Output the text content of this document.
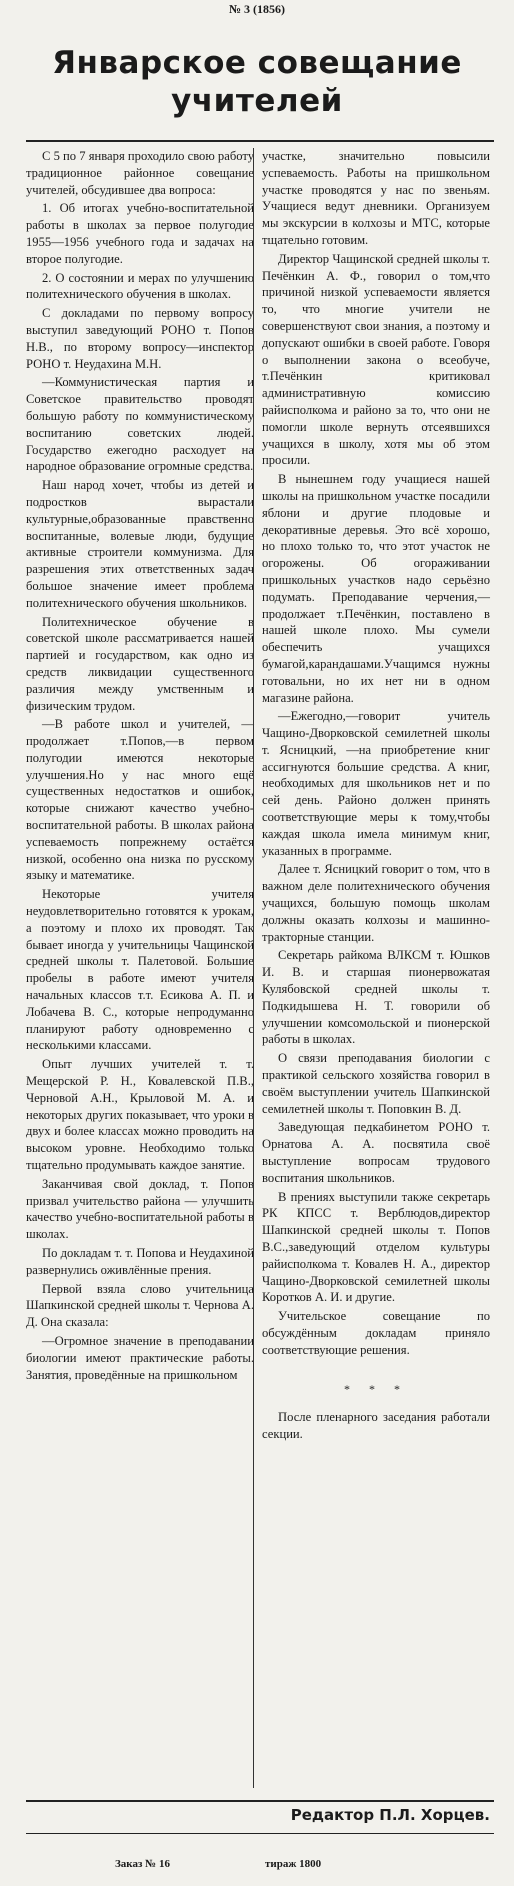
№ 3 (1856)
Январское совещание
учителей

С 5 по 7 января проходило свою работу традиционное районное совещание учителей, обсудившее два вопроса:

1. Об итогах учебно-воспитательной работы в школах за первое полугодие 1955—1956 учебного года и задачах на второе полугодие.

2. О состоянии и мерах по улучшению политехнического обучения в школах.

С докладами по первому вопросу выступил заведующий РОНО т. Попов Н.В., по второму вопросу—инспектор РОНО т. Неудахина М.Н.

—Коммунистическая партия и Советское правительство проводят большую работу по коммунистическому воспитанию советских людей. Государство ежегодно расходует на народное образование огромные средства.

Наш народ хочет, чтобы из детей и подростков вырастали культурные,образованные правственно воспитанные, волевые люди, будущие активные строители коммунизма. Для разрешения этих ответственных задач большое значение имеет проблема политехнического обучения школьников.

Политехническое обучение в советской школе рассматривается нашей партией и государством, как одно из средств ликвидации существенного различия между умственным и физическим трудом.

—В работе школ и учителей, —продолжает т.Попов,—в первом полугодии имеются некоторые улучшения.Но у нас много ещё существенных недостатков и ошибок, которые снижают качество учебно-воспитательной работы. В школах района успеваемость попрежнему остаётся низкой, особенно она низка по русскому языку и математике.

Некоторые учителя неудовлетворительно готовятся к урокам, а поэтому и плохо их проводят. Так бывает иногда у учительницы Чащинской средней школы т. Палетовой. Большие пробелы в работе имеют учителя начальных классов т.т. Есикова А. П. и Лобачева В. С., которые непродуманно планируют работу одновременно с несколькими классами.

Опыт лучших учителей т. т. Мещерской Р. Н., Ковалевской П.В., Черновой А.Н., Крыловой М. А. и некоторых других показывает, что уроки в двух и более классах можно проводить на высоком уровне. Необходимо только тщательно продумывать каждое занятие.

Заканчивая свой доклад, т. Попов призвал учительство района — улучшить качество учебно-воспитательной работы в школах.

По докладам т. т. Попова и Неудахиной развернулись оживлённые прения.

Первой взяла слово учительница Шапкинской средней школы т. Чернова А. Д. Она сказала:

—Огромное значение в преподавании биологии имеют практические работы. Занятия, проведённые на пришкольном

участке, значительно повысили успеваемость. Работы на пришкольном участке проводятся у нас по звеньям. Учащиеся ведут дневники. Организуем мы экскурсии в колхозы и МТС, которые тщательно готовим.

Директор Чащинской средней школы т. Печёнкин А. Ф., говорил о том,что причиной низкой успеваемости является то, что многие учители не совершенствуют свои знания, а поэтому и допускают ошибки в своей работе. Говоря о выполнении закона о всеобуче, т.Печёнкин критиковал административную комиссию райисполкома и районо за то, что они не помогли школе вернуть отсеявшихся учащихся в школу, хотя мы об этом просили.

В нынешнем году учащиеся нашей школы на пришкольном участке посадили яблони и другие плодовые и декоративные деревья. Это всё хорошо, но плохо только то, что этот участок не огорожены. Об огораживании пришкольных участков надо серьёзно подумать. Преподавание черчения,—продолжает т.Печёнкин, поставлено в нашей школе плохо. Мы сумели обеспечить учащихся бумагой,карандашами.Учащимся нужны готовальни, но их нет ни в одном магазине района.

—Ежегодно,—говорит учитель Чащино-Дворковской семилетней школы т. Ясницкий, —на приобретение книг ассигнуются большие средства. А книг, необходимых для школьников нет и по сей день. Районо должен принять соответствующие меры к тому,чтобы каждая школа имела минимум книг, указанных в программе.

Далее т. Ясницкий говорит о том, что в важном деле политехнического обучения учащихся, большую помощь школам должны оказать колхозы и машинно-тракторные станции.

Секретарь райкома ВЛКСМ т. Юшков И. В. и старшая пионервожатая Кулябовской средней школы т. Подкидышева Н. Т. говорили об улучшении комсомольской и пионерской работы в школах.

О связи преподавания биологии с практикой сельского хозяйства говорил в своём выступлении учитель Шапкинской семилетней школы т. Поповкин В. Д.

Заведующая педкабинетом РОНО т. Орнатова А. А. посвятила своё выступление вопросам трудового воспитания школьников.

В прениях выступили также секретарь РК КПСС т. Верблюдов,директор Шапкинской средней школы т. Попов В.С.,заведующий отделом культуры райисполкома т. Ковалев Н. А., директор Чащино-Дворковской семилетней школы Коротков А. И. и другие.

Учительское совещание по обсуждённым докладам приняло соответствующие решения.

* * *

После пленарного заседания работали секции.

Редактор П.Л. Хорцев.
Заказ № 16	тираж 1800
